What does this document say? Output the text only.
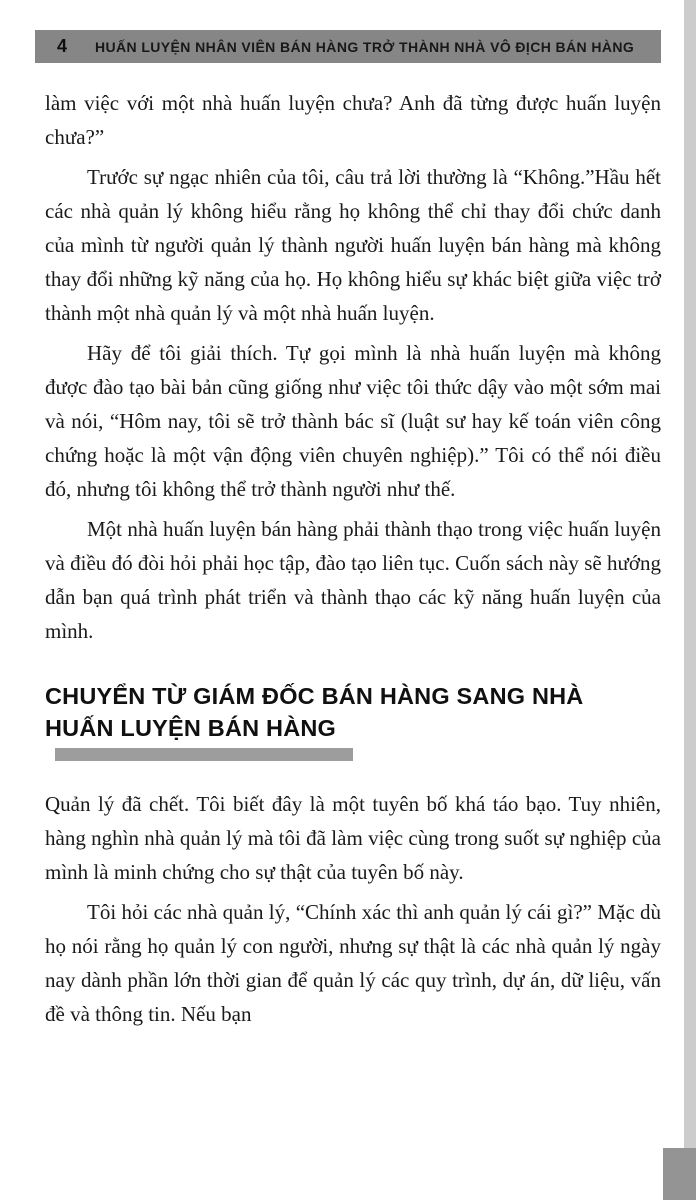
4 HUẤN LUYỆN NHÂN VIÊN BÁN HÀNG TRỞ THÀNH NHÀ VÔ ĐỊCH BÁN HÀNG

làm việc với một nhà huấn luyện chưa? Anh đã từng được huấn luyện chưa?”

Trước sự ngạc nhiên của tôi, câu trả lời thường là “Không.”Hầu hết các nhà quản lý không hiểu rằng họ không thể chỉ thay đổi chức danh của mình từ người quản lý thành người huấn luyện bán hàng mà không thay đổi những kỹ năng của họ. Họ không hiểu sự khác biệt giữa việc trở thành một nhà quản lý và một nhà huấn luyện.

Hãy để tôi giải thích. Tự gọi mình là nhà huấn luyện mà không được đào tạo bài bản cũng giống như việc tôi thức dậy vào một sớm mai và nói, “Hôm nay, tôi sẽ trở thành bác sĩ (luật sư hay kế toán viên công chứng hoặc là một vận động viên chuyên nghiệp).” Tôi có thể nói điều đó, nhưng tôi không thể trở thành người như thế.

Một nhà huấn luyện bán hàng phải thành thạo trong việc huấn luyện và điều đó đòi hỏi phải học tập, đào tạo liên tục. Cuốn sách này sẽ hướng dẫn bạn quá trình phát triển và thành thạo các kỹ năng huấn luyện của mình.

CHUYỂN TỪ GIÁM ĐỐC BÁN HÀNG SANG NHÀ
HUẤN LUYỆN BÁN HÀNG

Quản lý đã chết. Tôi biết đây là một tuyên bố khá táo bạo. Tuy nhiên, hàng nghìn nhà quản lý mà tôi đã làm việc cùng trong suốt sự nghiệp của mình là minh chứng cho sự thật của tuyên bố này.

Tôi hỏi các nhà quản lý, “Chính xác thì anh quản lý cái gì?” Mặc dù họ nói rằng họ quản lý con người, nhưng sự thật là các nhà quản lý ngày nay dành phần lớn thời gian để quản lý các quy trình, dự án, dữ liệu, vấn đề và thông tin. Nếu bạn
